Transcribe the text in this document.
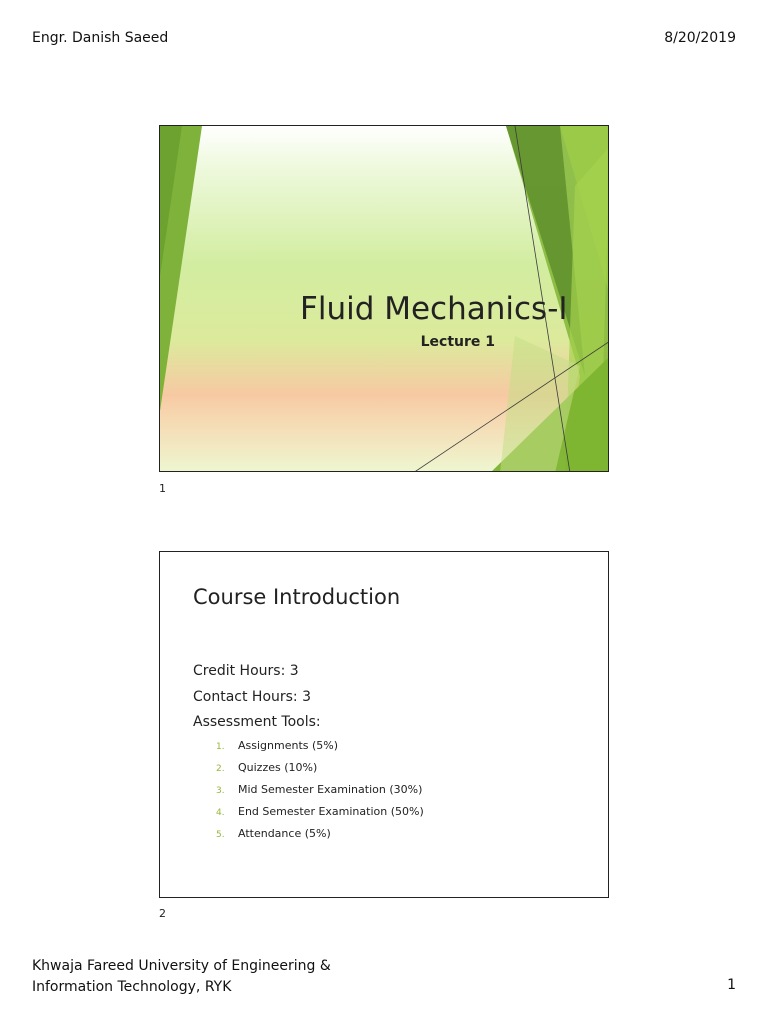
Engr. Danish Saeed	8/20/2019
Fluid Mechanics-I
Lecture 1
1
Course Introduction
Credit Hours: 3
Contact Hours: 3
Assessment Tools:
1.	Assignments (5%)
2.	Quizzes (10%)
3.	Mid Semester Examination (30%)
4.	End Semester Examination (50%)
5.	Attendance (5%)
2
Khwaja Fareed University of Engineering &
Information Technology, RYK	1
